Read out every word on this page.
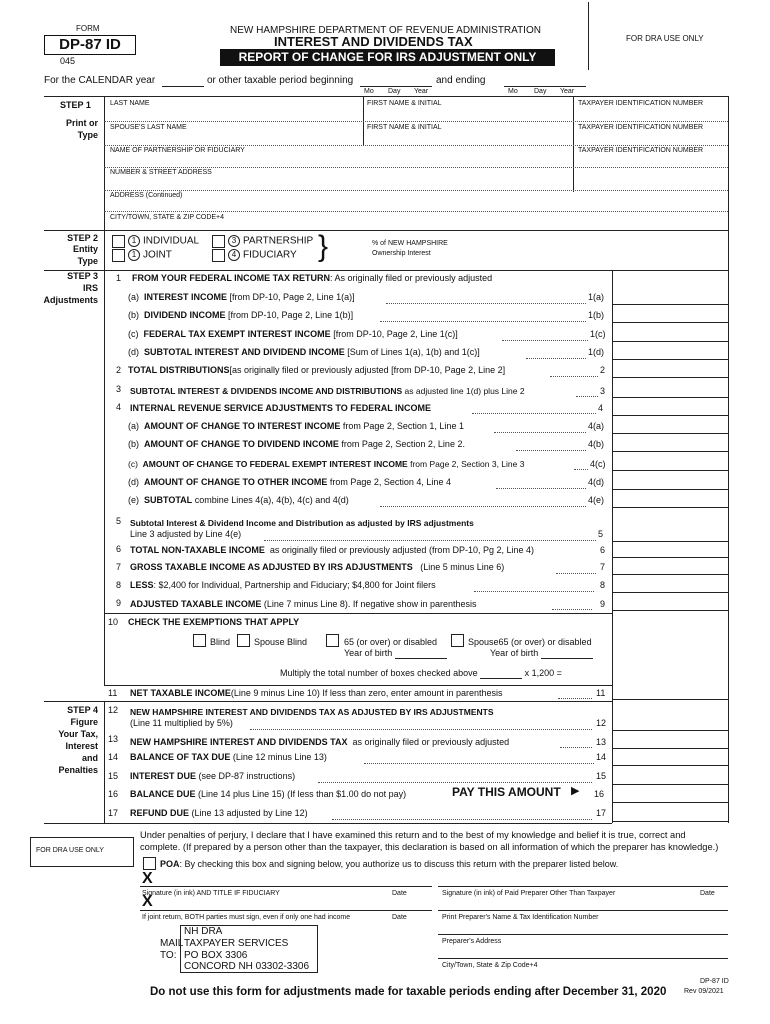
FORM
DP-87 ID
045
NEW HAMPSHIRE DEPARTMENT OF REVENUE ADMINISTRATION
INTEREST AND DIVIDENDS TAX
REPORT OF CHANGE FOR IRS ADJUSTMENT ONLY
FOR DRA USE ONLY
For the CALENDAR year	or other taxable period beginning	and ending
Mo Day Year	Mo Day Year
STEP 1
Print or
Type
LAST NAME	FIRST NAME & INITIAL	TAXPAYER IDENTIFICATION NUMBER
SPOUSE'S LAST NAME	FIRST NAME & INITIAL	TAXPAYER IDENTIFICATION NUMBER
NAME OF PARTNERSHIP OR FIDUCIARY	TAXPAYER IDENTIFICATION NUMBER
NUMBER & STREET ADDRESS
ADDRESS (Continued)
CITY/TOWN, STATE & ZIP CODE+4
STEP 2
Entity
Type
1 INDIVIDUAL	3 PARTNERSHIP
1 JOINT	4 FIDUCIARY }	% of NEW HAMPSHIRE
Ownership Interest
STEP 3
IRS
Adjustments
1 FROM YOUR FEDERAL INCOME TAX RETURN: As originally filed or previously adjusted
(a)  INTEREST INCOME [from DP-10, Page 2, Line 1(a)]	1(a)
(b)  DIVIDEND INCOME [from DP-10, Page 2, Line 1(b)]	1(b)
(c)  FEDERAL TAX EXEMPT INTEREST INCOME [from DP-10, Page 2, Line 1(c)]	1(c)
(d)  SUBTOTAL INTEREST AND DIVIDEND INCOME [Sum of Lines 1(a), 1(b) and 1(c)]	1(d)
2 TOTAL DISTRIBUTIONS[as originally filed or previously adjusted [from DP-10, Page 2, Line 2]	2
3 SUBTOTAL INTEREST & DIVIDENDS INCOME AND DISTRIBUTIONS as adjusted line 1(d) plus Line 2	3
4 INTERNAL REVENUE SERVICE ADJUSTMENTS TO FEDERAL INCOME	4
(a)  AMOUNT OF CHANGE TO INTEREST INCOME from Page 2, Section 1, Line 1	4(a)
(b)  AMOUNT OF CHANGE TO DIVIDEND INCOME from Page 2, Section 2, Line 2.	4(b)
(c)  AMOUNT OF CHANGE TO FEDERAL EXEMPT INTEREST INCOME from Page 2, Section 3, Line 3	4(c)
(d)  AMOUNT OF CHANGE TO OTHER INCOME from Page 2, Section 4, Line 4	4(d)
(e)  SUBTOTAL combine Lines 4(a), 4(b), 4(c) and 4(d)	4(e)
5 Subtotal Interest & Dividend Income and Distribution as adjusted by IRS adjustments
Line 3 adjusted by Line 4(e)	5
6 TOTAL NON-TAXABLE INCOME as originally filed or previously adjusted (from DP-10, Pg 2, Line 4)	6
7 GROSS TAXABLE INCOME AS ADJUSTED BY IRS ADJUSTMENTS (Line 5 minus Line 6)	7
8 LESS: $2,400 for Individual, Partnership and Fiduciary; $4,800 for Joint filers	8
9 ADJUSTED TAXABLE INCOME (Line 7 minus Line 8). If negative show in parenthesis	9
10 CHECK THE EXEMPTIONS THAT APPLY
Blind	Spouse Blind	65 (or over) or disabled
Year of birth
Spouse65 (or over) or disabled
Year of birth
Multiply the total number of boxes checked above	x 1,200 =
11 NET TAXABLE INCOME(Line 9 minus Line 10) If less than zero, enter amount in parenthesis	11
STEP 4
Figure
Your Tax,
Interest
and
Penalties
12 NEW HAMPSHIRE INTEREST AND DIVIDENDS TAX AS ADJUSTED BY IRS ADJUSTMENTS
(Line 11 multiplied by 5%)	12
13 NEW HAMPSHIRE INTEREST AND DIVIDENDS TAX as originally filed or previously adjusted	13
14 BALANCE OF TAX DUE (Line 12 minus Line 13)	14
15 INTEREST DUE (see DP-87 instructions)	15
16 BALANCE DUE (Line 14 plus Line 15) (If less than $1.00 do not pay)	PAY THIS AMOUNT ▶ 16
17 REFUND DUE (Line 13 adjusted by Line 12)	17
FOR DRA USE ONLY
Under penalties of perjury, I declare that I have examined this return and to the best of my knowledge and belief it is true, correct and complete. (If prepared by a person other than the taxpayer, this declaration is based on all information of which the preparer has knowledge.)
POA: By checking this box and signing below, you authorize us to discuss this return with the preparer listed below.
X
Signature (in ink) AND TITLE IF FIDUCIARY	Date	Signature (in ink) of Paid Preparer Other Than Taxpayer	Date
X
If joint return, BOTH parties must sign, even if only one had income	Date	Print Preparer's Name & Tax Identification Number
Preparer's Address
City/Town, State & Zip Code+4
MAIL
TO:
NH DRA
TAXPAYER SERVICES
PO BOX 3306
CONCORD NH 03302-3306
Do not use this form for adjustments made for taxable periods ending after December 31, 2020
DP-87 ID
Rev 09/2021
